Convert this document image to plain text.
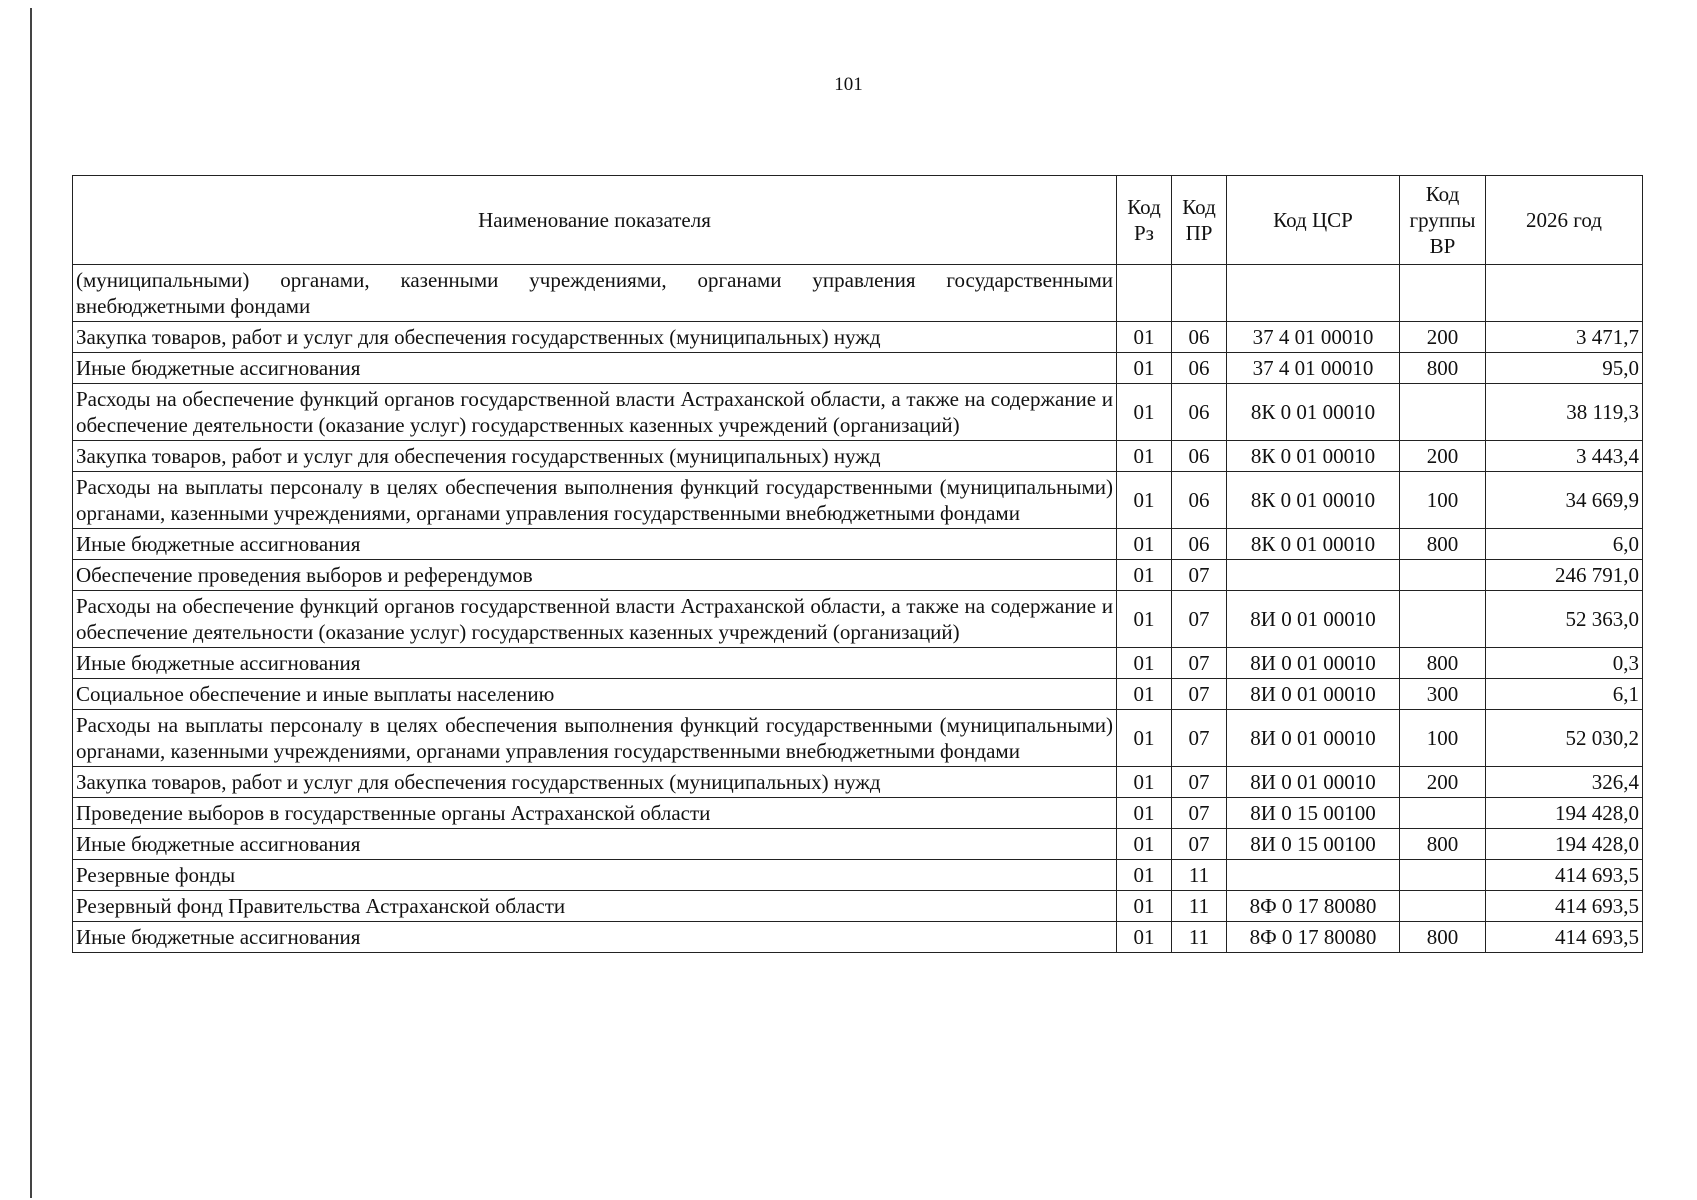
101
Наименование показателя	Код Рз	Код ПР	Код ЦСР	Код группы ВР	2026 год
(муниципальными) органами, казенными учреждениями, органами управления государственными внебюджетными фондами					
Закупка товаров, работ и услуг для обеспечения государственных (муниципальных) нужд	01	06	37 4 01 00010	200	3 471,7
Иные бюджетные ассигнования	01	06	37 4 01 00010	800	95,0
Расходы на обеспечение функций органов государственной власти Астраханской области, а также на содержание и обеспечение деятельности (оказание услуг) государственных казенных учреждений (организаций)	01	06	8К 0 01 00010		38 119,3
Закупка товаров, работ и услуг для обеспечения государственных (муниципальных) нужд	01	06	8К 0 01 00010	200	3 443,4
Расходы на выплаты персоналу в целях обеспечения выполнения функций государственными (муниципальными) органами, казенными учреждениями, органами управления государственными внебюджетными фондами	01	06	8К 0 01 00010	100	34 669,9
Иные бюджетные ассигнования	01	06	8К 0 01 00010	800	6,0
Обеспечение проведения выборов и референдумов	01	07			246 791,0
Расходы на обеспечение функций органов государственной власти Астраханской области, а также на содержание и обеспечение деятельности (оказание услуг) государственных казенных учреждений (организаций)	01	07	8И 0 01 00010		52 363,0
Иные бюджетные ассигнования	01	07	8И 0 01 00010	800	0,3
Социальное обеспечение и иные выплаты населению	01	07	8И 0 01 00010	300	6,1
Расходы на выплаты персоналу в целях обеспечения выполнения функций государственными (муниципальными) органами, казенными учреждениями, органами управления государственными внебюджетными фондами	01	07	8И 0 01 00010	100	52 030,2
Закупка товаров, работ и услуг для обеспечения государственных (муниципальных) нужд	01	07	8И 0 01 00010	200	326,4
Проведение выборов в государственные органы Астраханской области	01	07	8И 0 15 00100		194 428,0
Иные бюджетные ассигнования	01	07	8И 0 15 00100	800	194 428,0
Резервные фонды	01	11			414 693,5
Резервный фонд Правительства Астраханской области	01	11	8Ф 0 17 80080		414 693,5
Иные бюджетные ассигнования	01	11	8Ф 0 17 80080	800	414 693,5
